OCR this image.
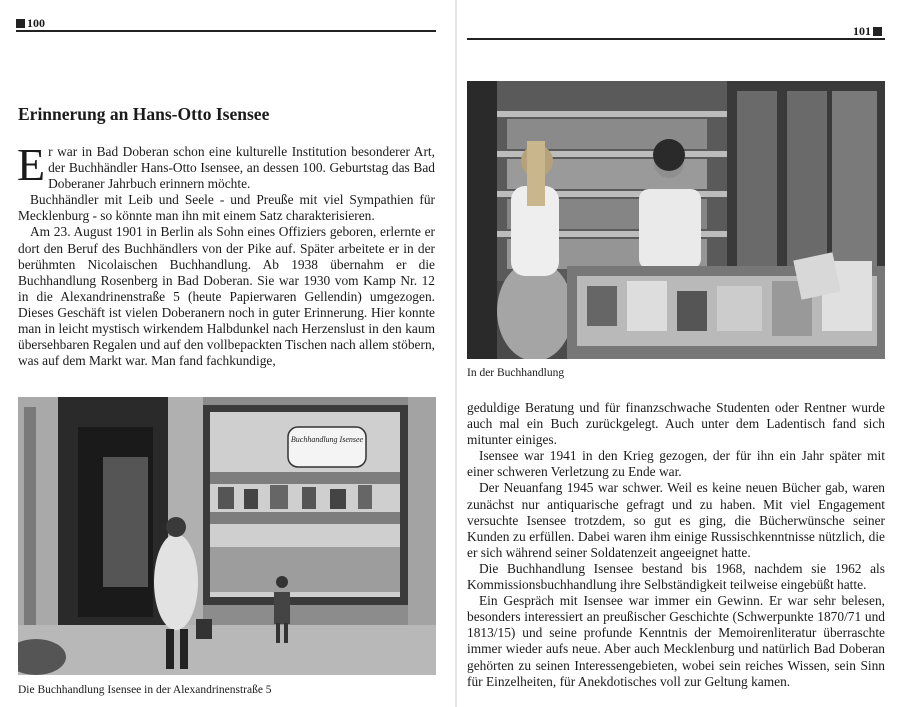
100
Erinnerung an Hans-Otto Isensee

Er war in Bad Doberan schon eine kulturelle Institution besonderer Art, der Buchhändler Hans-Otto Isensee, an dessen 100. Geburtstag das Bad Doberaner Jahrbuch erinnern möchte.

Buchhändler mit Leib und Seele - und Preuße mit viel Sympathien für Mecklenburg - so könnte man ihn mit einem Satz charakterisieren.

Am 23. August 1901 in Berlin als Sohn eines Offiziers geboren, erlernte er dort den Beruf des Buchhändlers von der Pike auf. Später arbeitete er in der berühmten Nicolaischen Buchhandlung. Ab 1938 übernahm er die Buchhandlung Rosenberg in Bad Doberan. Sie war 1930 vom Kamp Nr. 12 in die Alexandrinenstraße 5 (heute Papierwaren Gellendin) umgezogen. Dieses Geschäft ist vielen Doberanern noch in guter Erinnerung. Hier konnte man in leicht mystisch wirkendem Halbdunkel nach Herzenslust in den kaum übersehbaren Regalen und auf den vollbepackten Tischen nach allem stöbern, was auf dem Markt war. Man fand fachkundige,

Buchhandlung Isensee
Die Buchhandlung Isensee in der Alexandrinenstraße 5
101
In der Buchhandlung

geduldige Beratung und für finanzschwache Studenten oder Rentner wurde auch mal ein Buch zurückgelegt. Auch unter dem Ladentisch fand sich mitunter einiges.

Isensee war 1941 in den Krieg gezogen, der für ihn ein Jahr später mit einer schweren Verletzung zu Ende war.

Der Neuanfang 1945 war schwer. Weil es keine neuen Bücher gab, waren zunächst nur antiquarische gefragt und zu haben. Mit viel Engagement versuchte Isensee trotzdem, so gut es ging, die Bücherwünsche seiner Kunden zu erfüllen. Dabei waren ihm einige Russischkenntnisse nützlich, die er sich während seiner Soldatenzeit angeeignet hatte.

Die Buchhandlung Isensee bestand bis 1968, nachdem sie 1962 als Kommissionsbuchhandlung ihre Selbständigkeit teilweise eingebüßt hatte.

Ein Gespräch mit Isensee war immer ein Gewinn. Er war sehr belesen, besonders interessiert an preußischer Geschichte (Schwerpunkte 1870/71 und 1813/15) und seine profunde Kenntnis der Memoirenliteratur überraschte immer wieder aufs neue. Aber auch Mecklenburg und natürlich Bad Doberan gehörten zu seinen Interessengebieten, wobei sein reiches Wissen, sein Sinn für Einzelheiten, für Anekdotisches voll zur Geltung kamen.
